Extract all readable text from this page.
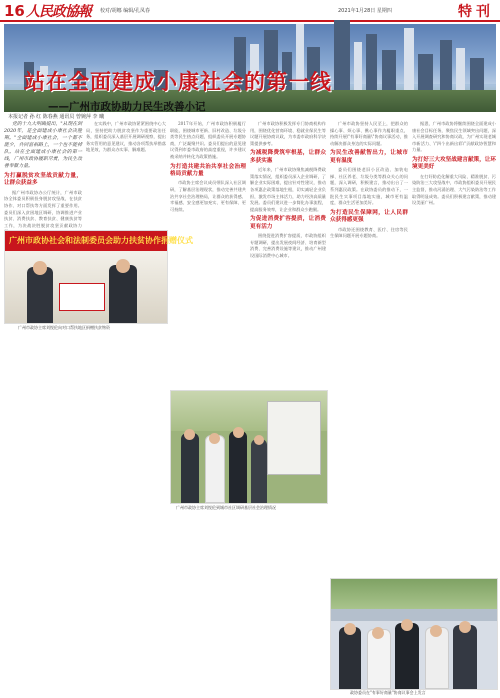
16 人民政協報 校对/胡娜 编辑/孔凤春	2021年1月28日 星期四	特刊
站在全面建成小康社会的第一线
——广州市政协助力民生改善小记
本报记者 孙 红 陈春燕 通讯员 曾婉萍 李 曦

党的十九大明确提出，"从现在到2020年，是全面建成小康社会决胜期。"全面建成小康社会，一个都不能少，共同富裕路上，一个也不能掉队。站在全面建成小康社会的第一线，广州市政协履职尽责，为民生改善奉献力量。

为打赢脱贫攻坚战贡献力量，让群众获益多

据广州市政协办公厅统计，广州市政协全体委员积极投身脱贫攻坚战，在扶贫协作、对口帮扶等方面发挥了重要作用。委员们深入贫困地区调研，协调推进产业扶贫、消费扶贫、教育扶贫、健康扶贫等工作，为决战决胜脱贫攻坚贡献政协力

广州市政协社会和法制委员会助力扶贫协作捐赠仪式
广州市政协主席刘悦伦向对口帮扶地区捐赠扶贫物资

在实践中，广州市政协紧紧围绕中心大局，坚持把助力脱贫攻坚作为重要政治任务，组织委员深入基层开展调研视察，提出务实管用的意见建议，推动各项帮扶举措落地见效，为群众办实事、解难题。

2017年开始，广州市政协积极履行职能，围绕城市更新、旧村改造、垃圾分类等民生热点问题，组织委员开展专题协商，广泛凝聚共识。委员们提出的意见建议得到市委市政府的高度重视，许多建议被采纳并转化为政策措施。

为打造共建共治共享社会治理格局贡献力量

市政协主席会议成员带队深入社区调研，了解基层治理现状，推动完善共建共治共享社会治理格局，让群众的获得感、幸福感、安全感更加充实、更有保障、更可持续。

广州市政协积极发挥专门协商机构作用，围绕优化营商环境、稳就业保民生等议题开展协商议政，为市委市政府科学决策提供参考。

为减税降费筑牢根基，让群众多获实惠

近年来，广州市政协聚焦减税降费政策落实情况，组织委员深入企业调研，了解企业实际困难，提出针对性建议，推动各项惠企政策落地生根，切实减轻企业负担，激发市场主体活力，助力经济高质量发展。委员们建议进一步简化办事流程，提高服务效率，让企业和群众少跑腿。

为促进消费扩容提质，让消费更有活力

围绕促进消费扩容提质，市政协组织专题调研，提出发展夜间经济、培育新型消费、完善消费设施等建议，推动广州建设国际消费中心城市。

广州市政协坚持人民至上，把群众的操心事、烦心事、揪心事作为履职重点，持续开展\"有事好商量\"协商议事活动，推动解决群众身边的实际问题。

为民生改善献智出力，让城市更有温度

委员们围绕老旧小区改造、加装电梯、社区养老、垃圾分类等群众关心的问题，深入调研，积极建言，推动出台了一系列惠民政策。在政协委员的推动下，一批民生实事项目落地实施，城市更有温度，群众生活更加美好。

为打造民生保障网，让人民群众获得感更强

市政协还围绕教育、医疗、住房等民生保障问题开展专题协商。

据悉，广州市政协将继续围绕全面建成小康社会目标任务，聚焦民生领域突出问题，深入开展调查研究和协商议政，为广州实现老城市新活力、\"四个出新出彩\"贡献政协智慧和力量。

为打好三大攻坚战建言献策，让环境更美好

在打好防范化解重大风险、精准脱贫、污染防治三大攻坚战中，市政协组织委员开展民主监督，推动河涌治理、大气污染防治等工作取得明显成效。委员们积极建言献策，推动建设美丽广州。

广州市政协主席刘悦伦到城市社区调研基层社会治理情况
政协委员在"有事好商量"协商议事会上发言
